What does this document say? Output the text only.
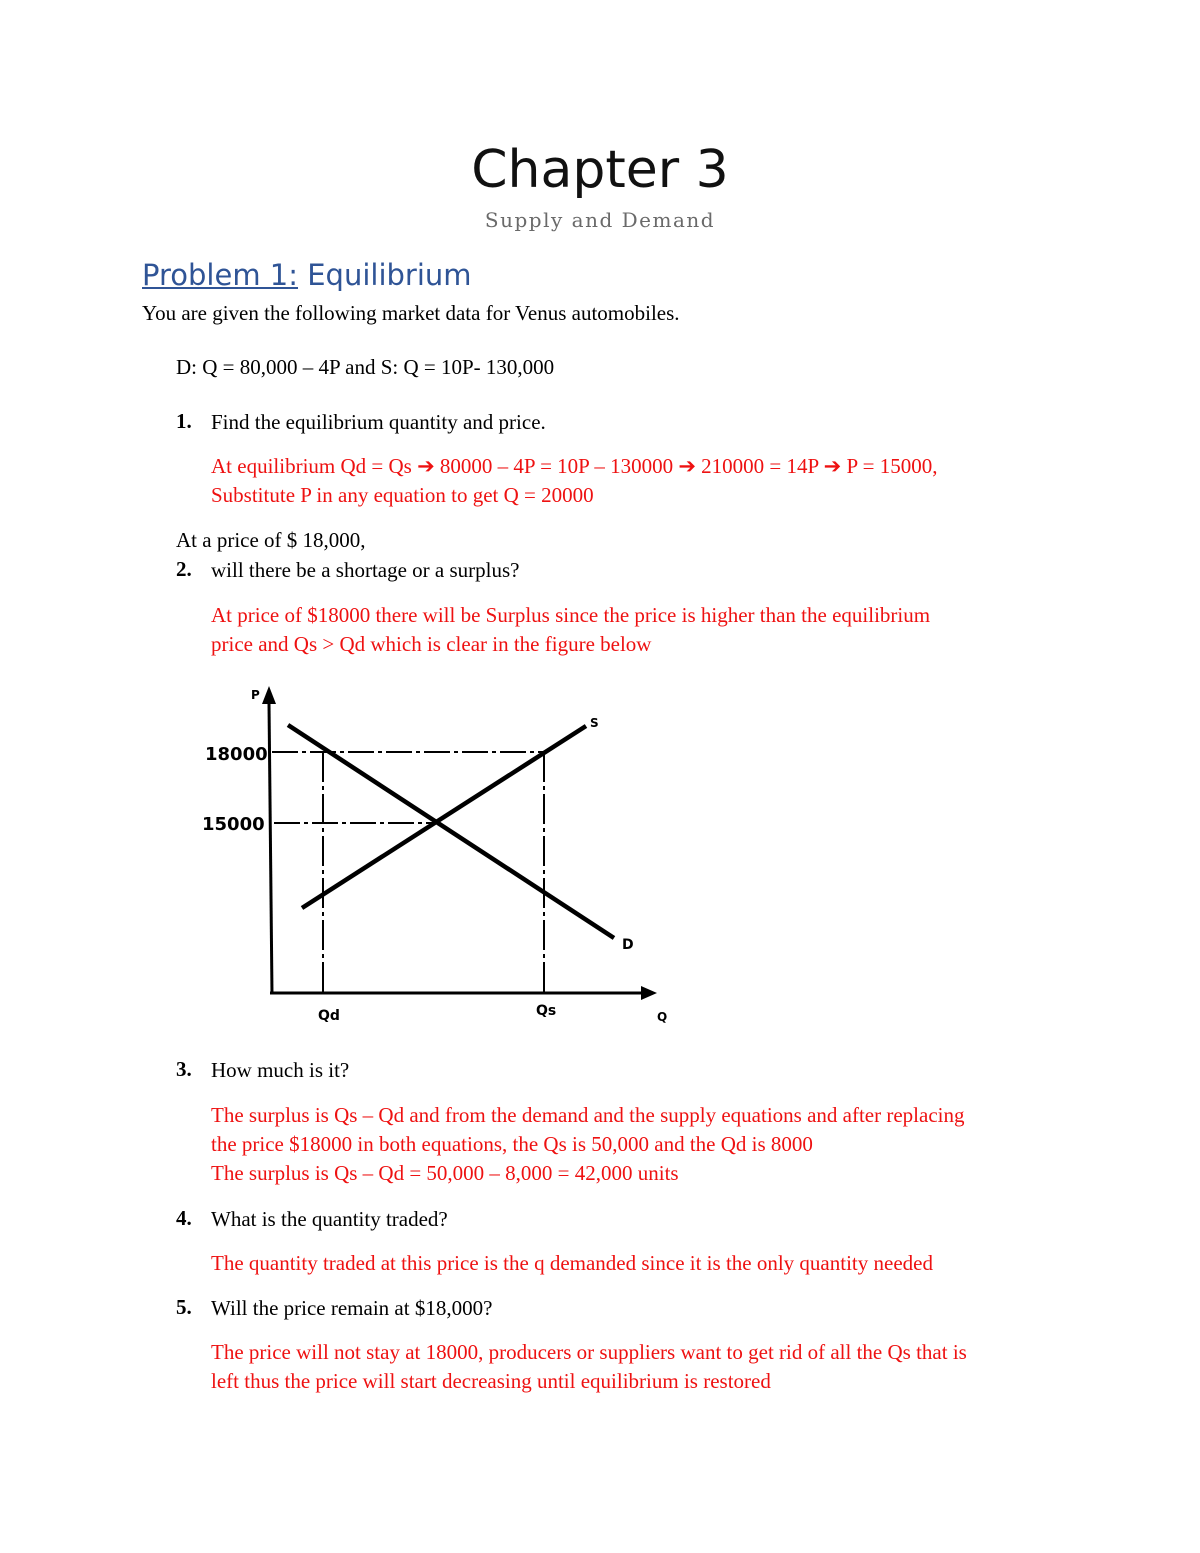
Chapter 3
Supply and Demand
Problem 1: Equilibrium
You are given the following market data for Venus automobiles.
D: Q = 80,000 – 4P and S: Q = 10P- 130,000
1. Find the equilibrium quantity and price.
At equilibrium Qd = Qs ➔ 80000 – 4P = 10P – 130000 ➔ 210000 = 14P ➔ P = 15000,
Substitute P in any equation to get Q = 20000
At a price of $ 18,000,
2. will there be a shortage or a surplus?
At price of $18000 there will be Surplus since the price is higher than the equilibrium
price and Qs > Qd which is clear in the figure below
P
Q
18000
15000
Qd	Qs
S
D
3. How much is it?
The surplus is Qs – Qd and from the demand and the supply equations and after replacing
the price $18000 in both equations, the Qs is 50,000 and the Qd is 8000
The surplus is Qs – Qd = 50,000 – 8,000 = 42,000 units
4. What is the quantity traded?
The quantity traded at this price is the q demanded since it is the only quantity needed
5. Will the price remain at $18,000?
The price will not stay at 18000, producers or suppliers want to get rid of all the Qs that is
left thus the price will start decreasing until equilibrium is restored
